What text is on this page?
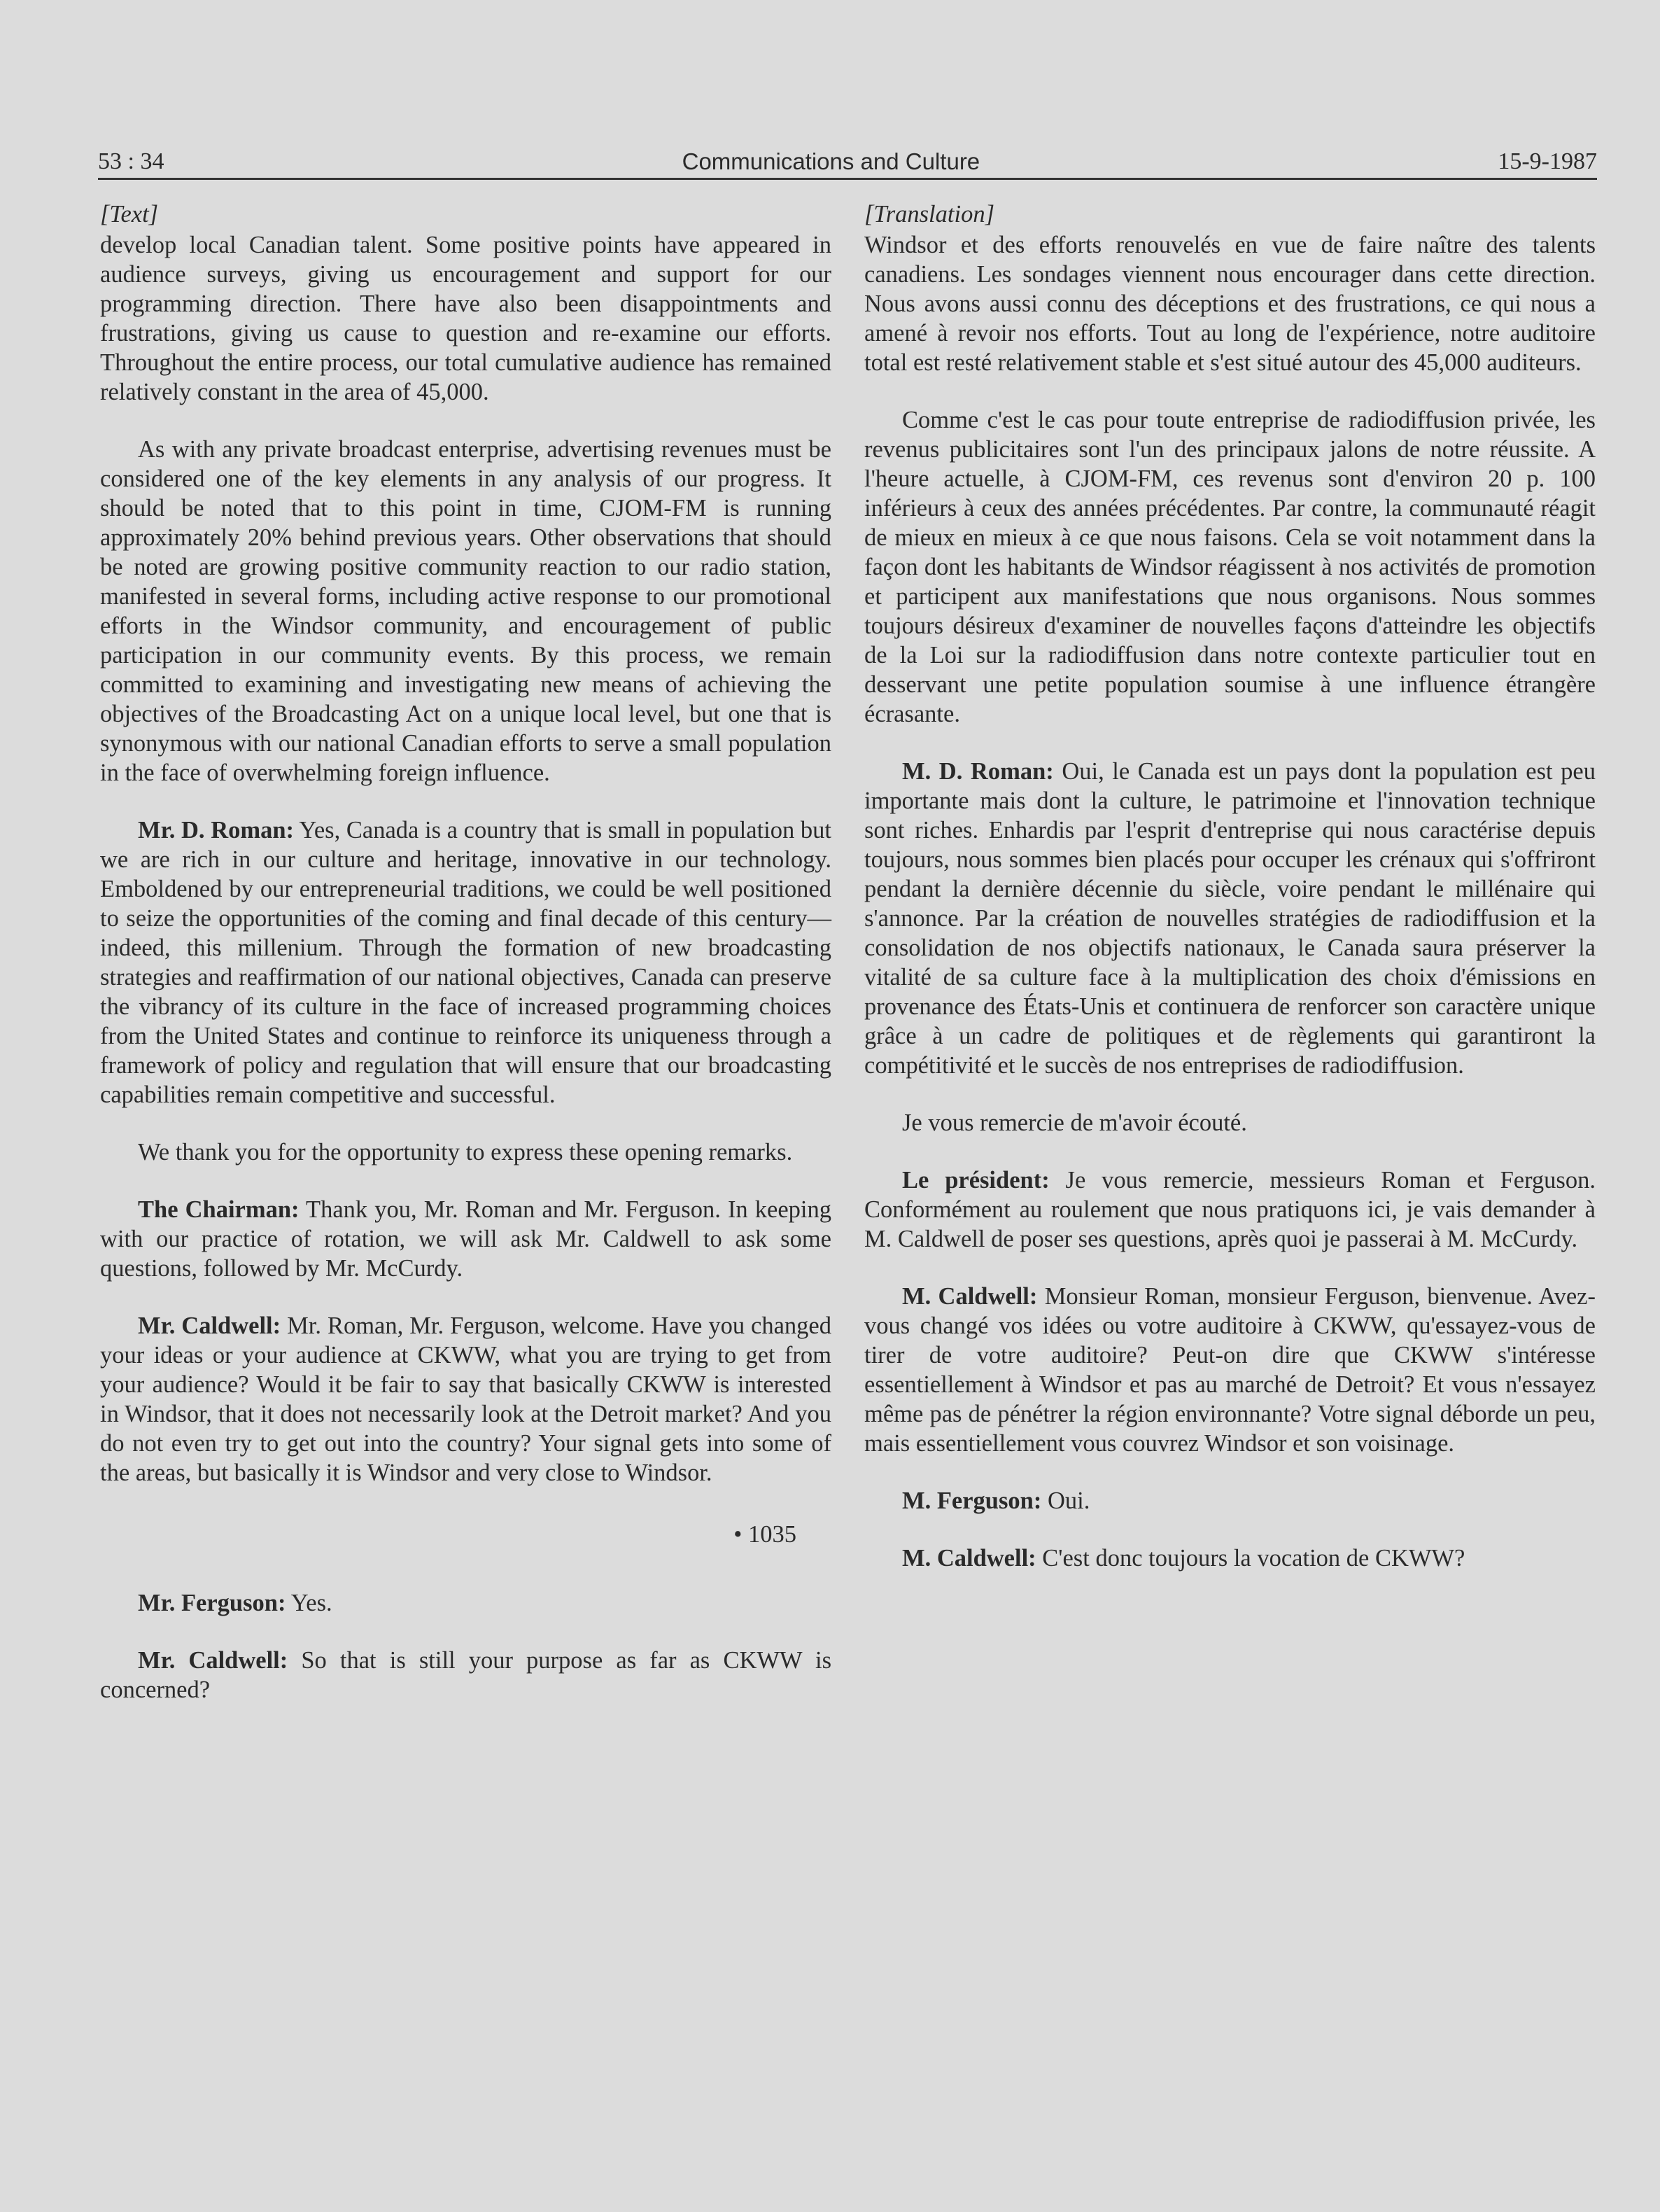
53 : 34	Communications and Culture	15-9-1987
[Text]

develop local Canadian talent. Some positive points have appeared in audience surveys, giving us encouragement and support for our programming direction. There have also been disappointments and frustrations, giving us cause to question and re-examine our efforts. Throughout the entire process, our total cumulative audience has remained relatively constant in the area of 45,000.

As with any private broadcast enterprise, advertising revenues must be considered one of the key elements in any analysis of our progress. It should be noted that to this point in time, CJOM-FM is running approximately 20% behind previous years. Other observations that should be noted are growing positive community reaction to our radio station, manifested in several forms, including active response to our promotional efforts in the Windsor community, and encouragement of public participation in our community events. By this process, we remain committed to examining and investigating new means of achieving the objectives of the Broadcasting Act on a unique local level, but one that is synonymous with our national Canadian efforts to serve a small population in the face of overwhelming foreign influence.

Mr. D. Roman: Yes, Canada is a country that is small in population but we are rich in our culture and heritage, innovative in our technology. Emboldened by our entrepreneurial traditions, we could be well positioned to seize the opportunities of the coming and final decade of this century—indeed, this millenium. Through the formation of new broadcasting strategies and reaffirmation of our national objectives, Canada can preserve the vibrancy of its culture in the face of increased programming choices from the United States and continue to reinforce its uniqueness through a framework of policy and regulation that will ensure that our broadcasting capabilities remain competitive and successful.

We thank you for the opportunity to express these opening remarks.

The Chairman: Thank you, Mr. Roman and Mr. Ferguson. In keeping with our practice of rotation, we will ask Mr. Caldwell to ask some questions, followed by Mr. McCurdy.

Mr. Caldwell: Mr. Roman, Mr. Ferguson, welcome. Have you changed your ideas or your audience at CKWW, what you are trying to get from your audience? Would it be fair to say that basically CKWW is interested in Windsor, that it does not necessarily look at the Detroit market? And you do not even try to get out into the country? Your signal gets into some of the areas, but basically it is Windsor and very close to Windsor.

• 1035

Mr. Ferguson: Yes.

Mr. Caldwell: So that is still your purpose as far as CKWW is concerned?

[Translation]

Windsor et des efforts renouvelés en vue de faire naître des talents canadiens. Les sondages viennent nous encourager dans cette direction. Nous avons aussi connu des déceptions et des frustrations, ce qui nous a amené à revoir nos efforts. Tout au long de l'expérience, notre auditoire total est resté relativement stable et s'est situé autour des 45,000 auditeurs.

Comme c'est le cas pour toute entreprise de radiodiffusion privée, les revenus publicitaires sont l'un des principaux jalons de notre réussite. A l'heure actuelle, à CJOM-FM, ces revenus sont d'environ 20 p. 100 inférieurs à ceux des années précédentes. Par contre, la communauté réagit de mieux en mieux à ce que nous faisons. Cela se voit notamment dans la façon dont les habitants de Windsor réagissent à nos activités de promotion et participent aux manifestations que nous organisons. Nous sommes toujours désireux d'examiner de nouvelles façons d'atteindre les objectifs de la Loi sur la radiodiffusion dans notre contexte particulier tout en desservant une petite population soumise à une influence étrangère écrasante.

M. D. Roman: Oui, le Canada est un pays dont la population est peu importante mais dont la culture, le patrimoine et l'innovation technique sont riches. Enhardis par l'esprit d'entreprise qui nous caractérise depuis toujours, nous sommes bien placés pour occuper les crénaux qui s'offriront pendant la dernière décennie du siècle, voire pendant le millénaire qui s'annonce. Par la création de nouvelles stratégies de radiodiffusion et la consolidation de nos objectifs nationaux, le Canada saura préserver la vitalité de sa culture face à la multiplication des choix d'émissions en provenance des États-Unis et continuera de renforcer son caractère unique grâce à un cadre de politiques et de règlements qui garantiront la compétitivité et le succès de nos entreprises de radiodiffusion.

Je vous remercie de m'avoir écouté.

Le président: Je vous remercie, messieurs Roman et Ferguson. Conformément au roulement que nous pratiquons ici, je vais demander à M. Caldwell de poser ses questions, après quoi je passerai à M. McCurdy.

M. Caldwell: Monsieur Roman, monsieur Ferguson, bienvenue. Avez-vous changé vos idées ou votre auditoire à CKWW, qu'essayez-vous de tirer de votre auditoire? Peut-on dire que CKWW s'intéresse essentiellement à Windsor et pas au marché de Detroit? Et vous n'essayez même pas de pénétrer la région environnante? Votre signal déborde un peu, mais essentiellement vous couvrez Windsor et son voisinage.

M. Ferguson: Oui.

M. Caldwell: C'est donc toujours la vocation de CKWW?
